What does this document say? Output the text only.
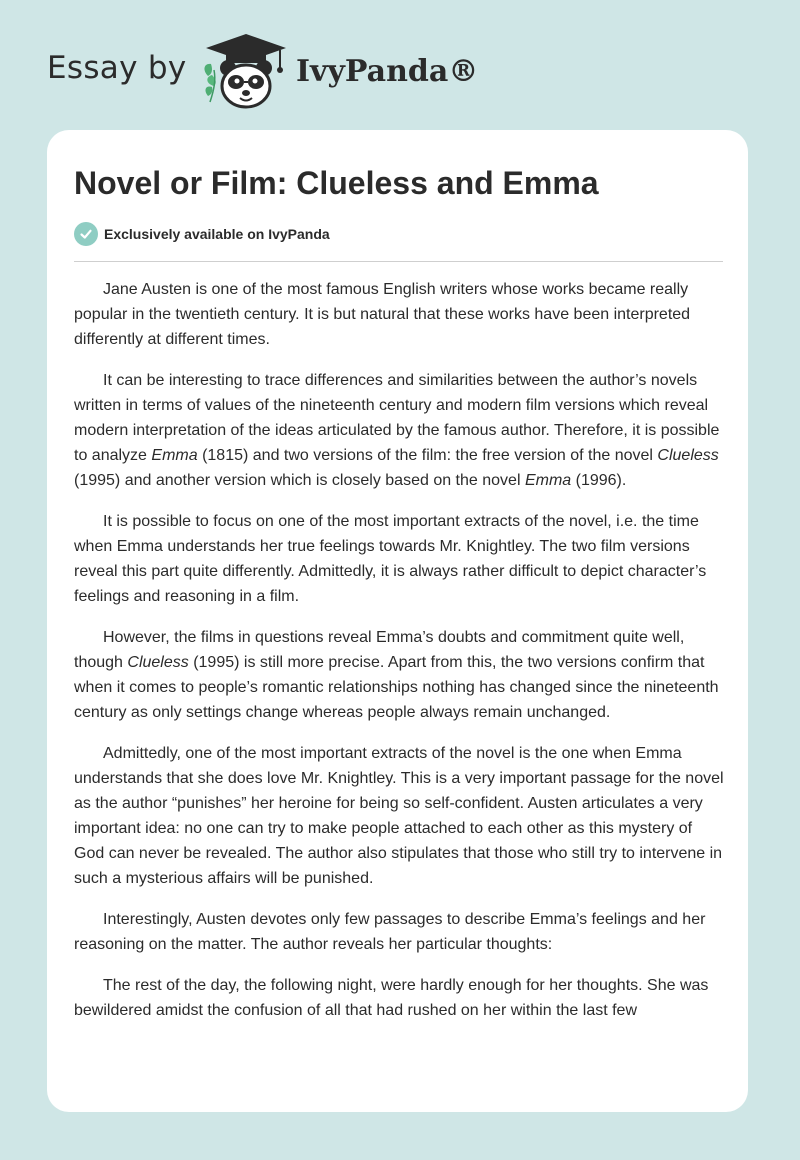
Essay by	IvyPanda®
Novel or Film: Clueless and Emma
Exclusively available on IvyPanda

Jane Austen is one of the most famous English writers whose works became really popular in the twentieth century. It is but natural that these works have been interpreted differently at different times.

It can be interesting to trace differences and similarities between the author’s novels written in terms of values of the nineteenth century and modern film versions which reveal modern interpretation of the ideas articulated by the famous author. Therefore, it is possible to analyze Emma (1815) and two versions of the film: the free version of the novel Clueless (1995) and another version which is closely based on the novel Emma (1996).

It is possible to focus on one of the most important extracts of the novel, i.e. the time when Emma understands her true feelings towards Mr. Knightley. The two film versions reveal this part quite differently. Admittedly, it is always rather difficult to depict character’s feelings and reasoning in a film.

However, the films in questions reveal Emma’s doubts and commitment quite well, though Clueless (1995) is still more precise. Apart from this, the two versions confirm that when it comes to people’s romantic relationships nothing has changed since the nineteenth century as only settings change whereas people always remain unchanged.

Admittedly, one of the most important extracts of the novel is the one when Emma understands that she does love Mr. Knightley. This is a very important passage for the novel as the author “punishes” her heroine for being so self-confident. Austen articulates a very important idea: no one can try to make people attached to each other as this mystery of God can never be revealed. The author also stipulates that those who still try to intervene in such a mysterious affairs will be punished.

Interestingly, Austen devotes only few passages to describe Emma’s feelings and her reasoning on the matter. The author reveals her particular thoughts:

The rest of the day, the following night, were hardly enough for her thoughts. She was bewildered amidst the confusion of all that had rushed on her within the last few
